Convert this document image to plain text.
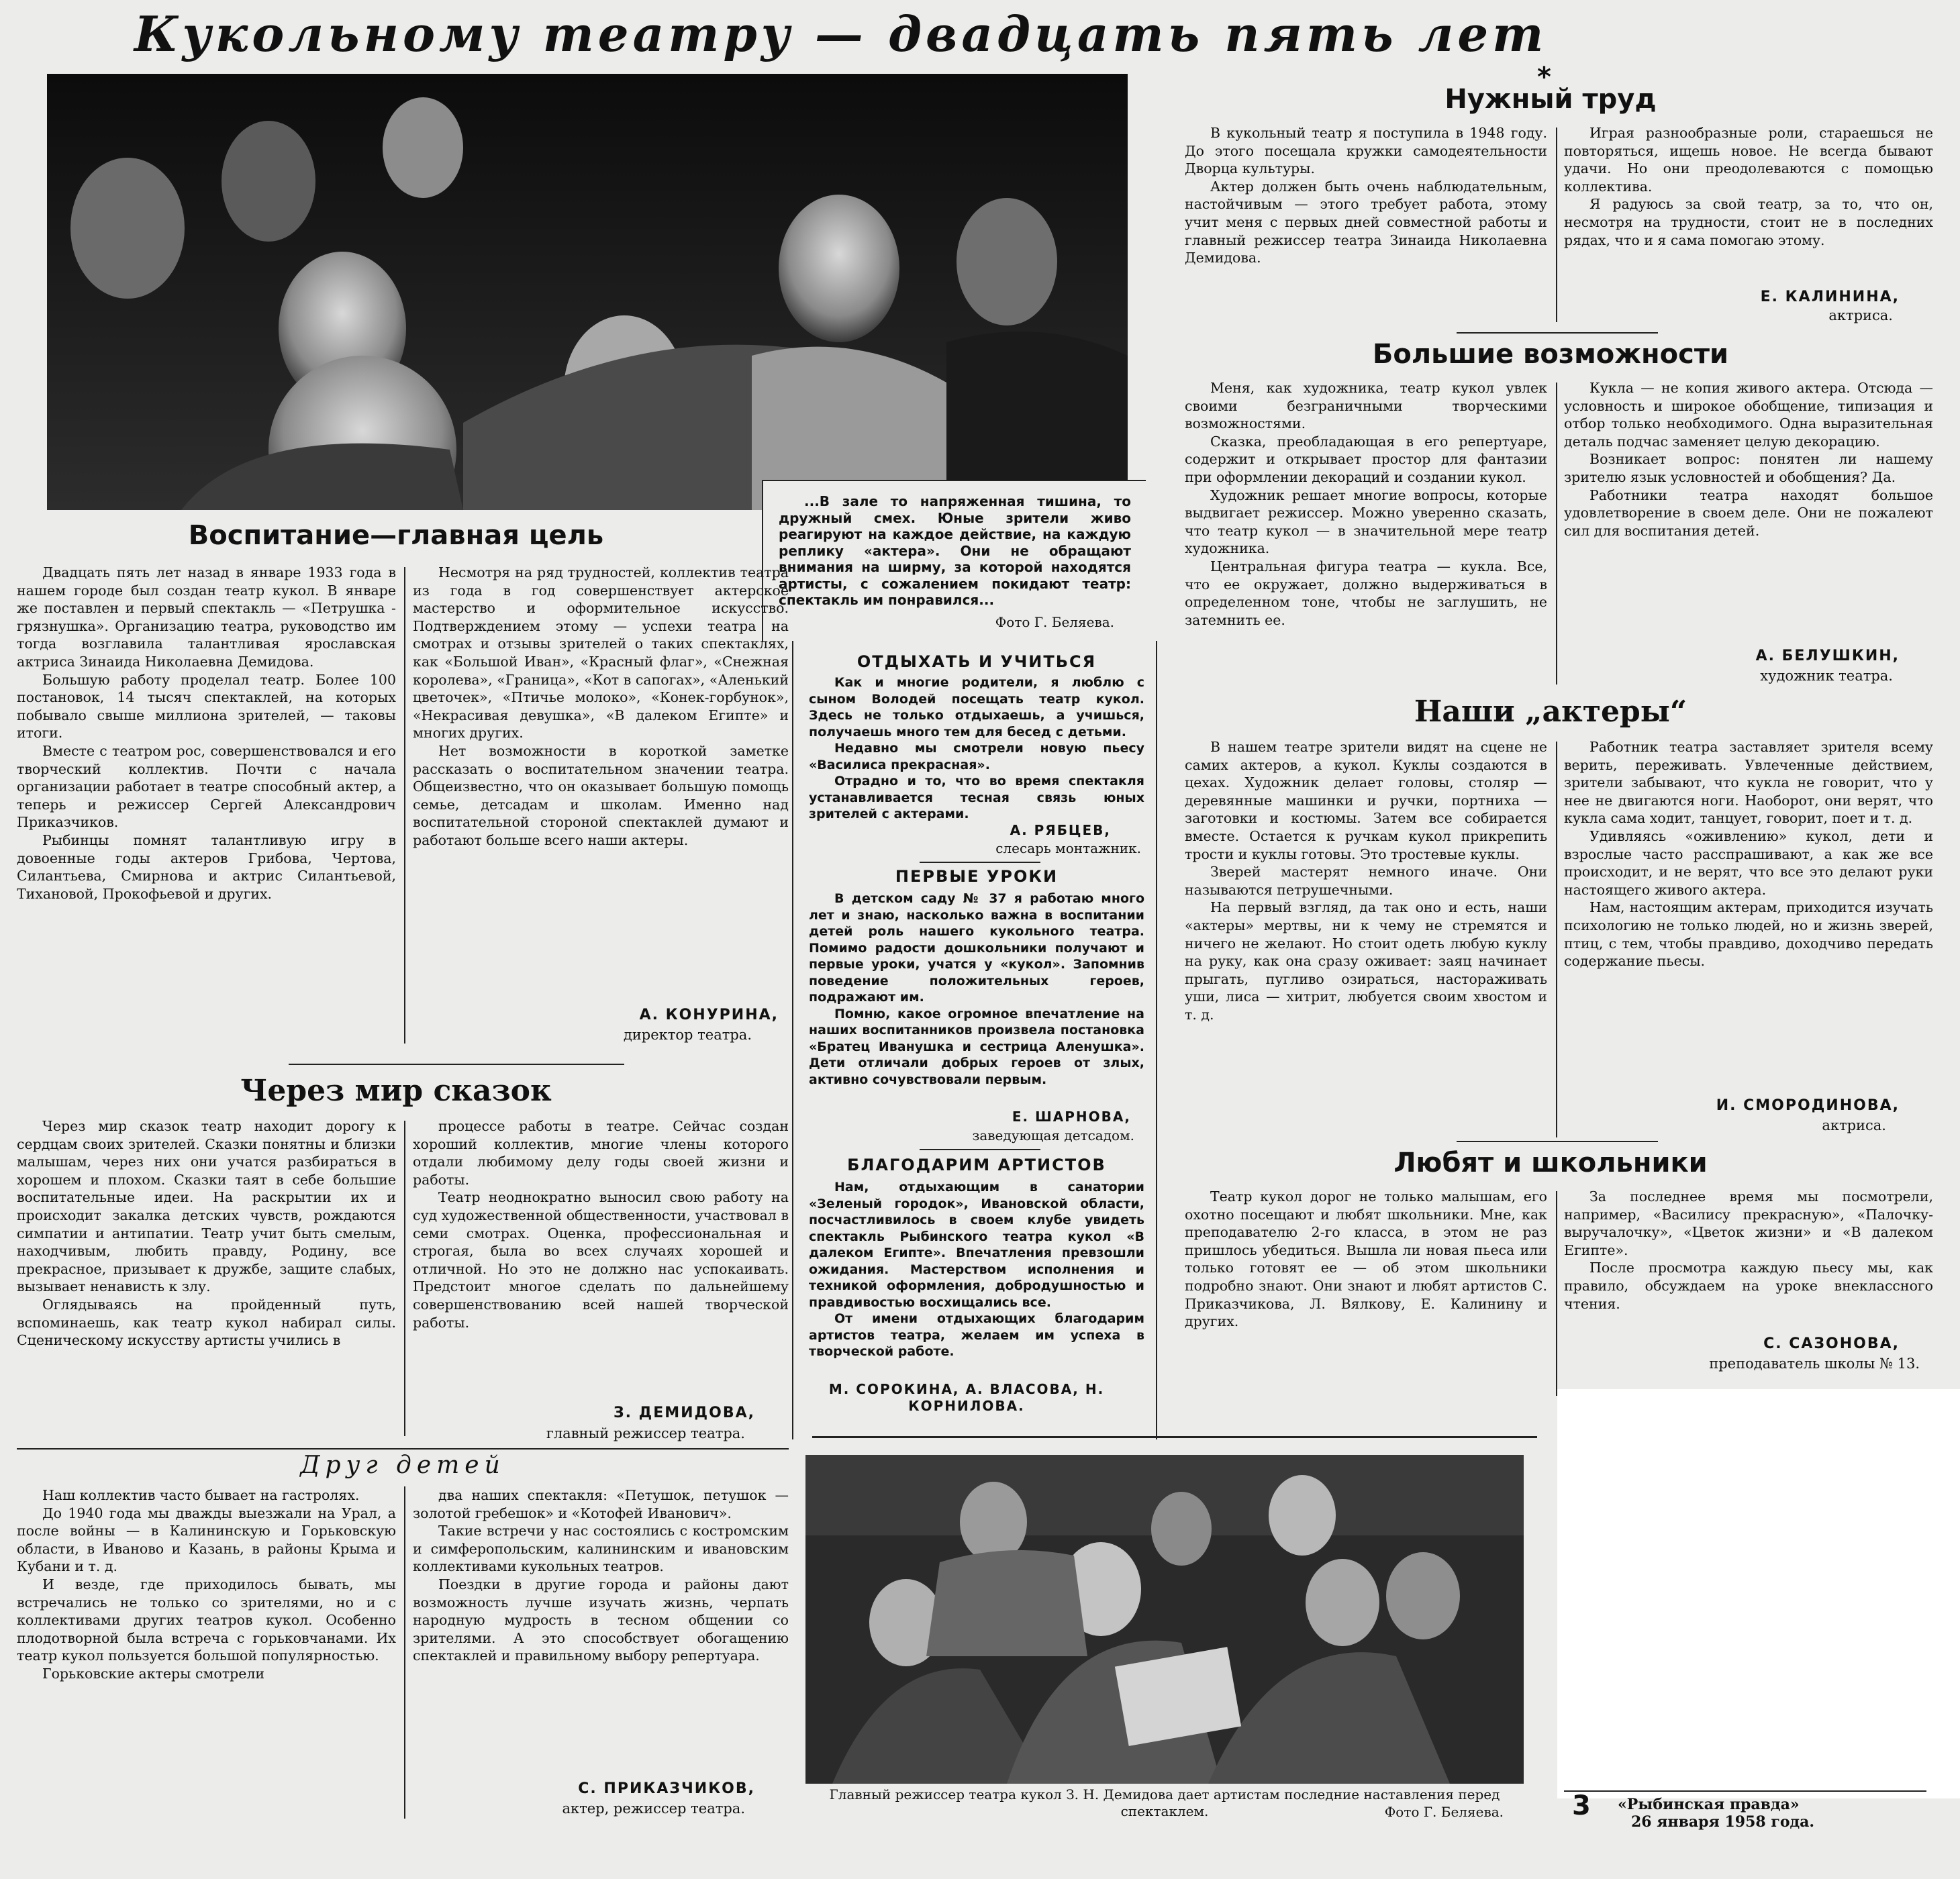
Кукольному театру — двадцать пять лет
*
...В зале то напряженная тишина, то дружный смех. Юные зрители живо реагируют на каждое действие, на каждую реплику «актера». Они не обращают внимания на ширму, за которой находятся артисты, с сожалением покидают театр: спектакль им понравился...
Фото Г. Беляева.
Воспитание—главная цель

Двадцать пять лет назад в январе 1933 года в нашем городе был создан театр кукол. В январе же поставлен и первый спектакль — «Петрушка - грязнушка». Организацию театра, руководство им тогда возглавила талантливая ярославская актриса Зинаида Николаевна Демидова.

Большую работу проделал театр. Более 100 постановок, 14 тысяч спектаклей, на которых побывало свыше миллиона зрителей, — таковы итоги.

Вместе с театром рос, совершенствовался и его творческий коллектив. Почти с начала организации работает в театре способный актер, а теперь и режиссер Сергей Александрович Приказчиков.

Рыбинцы помнят талантливую игру в довоенные годы актеров Грибова, Чертова, Силантьева, Смирнова и актрис Силантьевой, Тихановой, Прокофьевой и других.

Несмотря на ряд трудностей, коллектив театра из года в год совершенствует актерское мастерство и оформительное искусство. Подтверждением этому — успехи театра на смотрах и отзывы зрителей о таких спектаклях, как «Большой Иван», «Красный флаг», «Снежная королева», «Граница», «Кот в сапогах», «Аленький цветочек», «Птичье молоко», «Конек-горбунок», «Некрасивая девушка», «В далеком Египте» и многих других.

Нет возможности в короткой заметке рассказать о воспитательном значении театра. Общеизвестно, что он оказывает большую помощь семье, детсадам и школам. Именно над воспитательной стороной спектаклей думают и работают больше всего наши актеры.

А. КОНУРИНА,
директор театра.
Через мир сказок

Через мир сказок театр находит дорогу к сердцам своих зрителей. Сказки понятны и близки малышам, через них они учатся разбираться в хорошем и плохом. Сказки таят в себе большие воспитательные идеи. На раскрытии их и происходит закалка детских чувств, рождаются симпатии и антипатии. Театр учит быть смелым, находчивым, любить правду, Родину, все прекрасное, призывает к дружбе, защите слабых, вызывает ненависть к злу.

Оглядываясь на пройденный путь, вспоминаешь, как театр кукол набирал силы. Сценическому искусству артисты учились в

процессе работы в театре. Сейчас создан хороший коллектив, многие члены которого отдали любимому делу годы своей жизни и работы.

Театр неоднократно выносил свою работу на суд художественной общественности, участвовал в семи смотрах. Оценка, профессиональная и строгая, была во всех случаях хорошей и отличной. Но это не должно нас успокаивать. Предстоит многое сделать по дальнейшему совершенствованию всей нашей творческой работы.

З. ДЕМИДОВА,
главный режиссер театра.
Друг детей

Наш коллектив часто бывает на гастролях.

До 1940 года мы дважды выезжали на Урал, а после войны — в Калининскую и Горьковскую области, в Иваново и Казань, в районы Крыма и Кубани и т. д.

И везде, где приходилось бывать, мы встречались не только со зрителями, но и с коллективами других театров кукол. Особенно плодотворной была встреча с горьковчанами. Их театр кукол пользуется большой популярностью.

Горьковские актеры смотрели

два наших спектакля: «Петушок, петушок — золотой гребешок» и «Котофей Иванович».

Такие встречи у нас состоялись с костромским и симферопольским, калининским и ивановским коллективами кукольных театров.

Поездки в другие города и районы дают возможность лучше изучать жизнь, черпать народную мудрость в тесном общении со зрителями. А это способствует обогащению спектаклей и правильному выбору репертуара.

С. ПРИКАЗЧИКОВ,
актер, режиссер театра.
ОТДЫХАТЬ И УЧИТЬСЯ

Как и многие родители, я люблю с сыном Володей посещать театр кукол. Здесь не только отдыхаешь, а учишься, получаешь много тем для бесед с детьми.

Недавно мы смотрели новую пьесу «Василиса прекрасная».

Отрадно и то, что во время спектакля устанавливается тесная связь юных зрителей с актерами.

А. РЯБЦЕВ,
слесарь монтажник.
ПЕРВЫЕ УРОКИ

В детском саду № 37 я работаю много лет и знаю, насколько важна в воспитании детей роль нашего кукольного театра. Помимо радости дошкольники получают и первые уроки, учатся у «кукол». Запомнив поведение положительных героев, подражают им.

Помню, какое огромное впечатление на наших воспитанников произвела постановка «Братец Иванушка и сестрица Аленушка». Дети отличали добрых героев от злых, активно сочувствовали первым.

Е. ШАРНОВА,
заведующая детсадом.
БЛАГОДАРИМ АРТИСТОВ

Нам, отдыхающим в санатории «Зеленый городок», Ивановской области, посчастливилось в своем клубе увидеть спектакль Рыбинского театра кукол «В далеком Египте». Впечатления превзошли ожидания. Мастерством исполнения и техникой оформления, добродушностью и правдивостью восхищались все.

От имени отдыхающих благодарим артистов театра, желаем им успеха в творческой работе.

М. СОРОКИНА, А. ВЛАСОВА, Н. КОРНИЛОВА.
Главный режиссер театра кукол З. Н. Демидова дает артистам последние наставления перед спектаклем.	Фото Г. Беляева.
Нужный труд

В кукольный театр я поступила в 1948 году. До этого посещала кружки самодеятельности Дворца культуры.

Актер должен быть очень наблюдательным, настойчивым — этого требует работа, этому учит меня с первых дней совместной работы и главный режиссер театра Зинаида Николаевна Демидова.

Играя разнообразные роли, стараешься не повторяться, ищешь новое. Не всегда бывают удачи. Но они преодолеваются с помощью коллектива.

Я радуюсь за свой театр, за то, что он, несмотря на трудности, стоит не в последних рядах, что и я сама помогаю этому.

Е. КАЛИНИНА,
актриса.
Большие возможности

Меня, как художника, театр кукол увлек своими безграничными творческими возможностями.

Сказка, преобладающая в его репертуаре, содержит и открывает простор для фантазии при оформлении декораций и создании кукол.

Художник решает многие вопросы, которые выдвигает режиссер. Можно уверенно сказать, что театр кукол — в значительной мере театр художника.

Центральная фигура театра — кукла. Все, что ее окружает, должно выдерживаться в определенном тоне, чтобы не заглушить, не затемнить ее.

Кукла — не копия живого актера. Отсюда — условность и широкое обобщение, типизация и отбор только необходимого. Одна выразительная деталь подчас заменяет целую декорацию.

Возникает вопрос: понятен ли нашему зрителю язык условностей и обобщения? Да.

Работники театра находят большое удовлетворение в своем деле. Они не пожалеют сил для воспитания детей.

А. БЕЛУШКИН,
художник театра.
Наши „актеры“

В нашем театре зрители видят на сцене не самих актеров, а кукол. Куклы создаются в цехах. Художник делает головы, столяр — деревянные машинки и ручки, портниха — заготовки и костюмы. Затем все собирается вместе. Остается к ручкам кукол прикрепить трости и куклы готовы. Это тростевые куклы.

Зверей мастерят немного иначе. Они называются петрушечными.

На первый взгляд, да так оно и есть, наши «актеры» мертвы, ни к чему не стремятся и ничего не желают. Но стоит одеть любую куклу на руку, как она сразу оживает: заяц начинает прыгать, пугливо озираться, настораживать уши, лиса — хитрит, любуется своим хвостом и т. д.

Работник театра заставляет зрителя всему верить, переживать. Увлеченные действием, зрители забывают, что кукла не говорит, что у нее не двигаются ноги. Наоборот, они верят, что кукла сама ходит, танцует, говорит, поет и т. д.

Удивляясь «оживлению» кукол, дети и взрослые часто расспрашивают, а как же все происходит, и не верят, что все это делают руки настоящего живого актера.

Нам, настоящим актерам, приходится изучать психологию не только людей, но и жизнь зверей, птиц, с тем, чтобы правдиво, доходчиво передать содержание пьесы.

И. СМОРОДИНОВА,
актриса.
Любят и школьники

Театр кукол дорог не только малышам, его охотно посещают и любят школьники. Мне, как преподавателю 2-го класса, в этом не раз пришлось убедиться. Вышла ли новая пьеса или только готовят ее — об этом школьники подробно знают. Они знают и любят артистов С. Приказчикова, Л. Вялкову, Е. Калинину и других.

За последнее время мы посмотрели, например, «Василису прекрасную», «Палочку-выручалочку», «Цветок жизни» и «В далеком Египте».

После просмотра каждую пьесу мы, как правило, обсуждаем на уроке внеклассного чтения.

С. САЗОНОВА,
преподаватель школы № 13.
3 «Рыбинская правда»
26 января 1958 года.
